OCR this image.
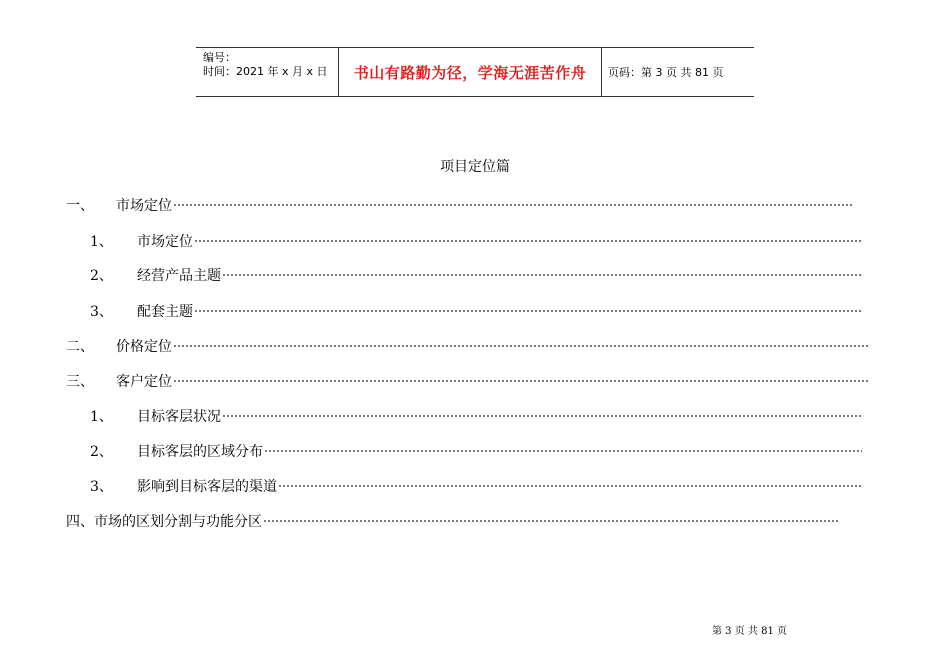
编号：
时间：2021 年 x 月 x 日	书山有路勤为径，学海无涯苦作舟 页码：第 3 页 共 81 页
项目定位篇
一、	市场定位
1、	市场定位
2、	经营产品主题
3、	配套主题
二、	价格定位
三、	客户定位
1、	目标客层状况
2、	目标客层的区域分布
3、	影响到目标客层的渠道
四、 市场的区划分割与功能分区
第 3 页 共 81 页
